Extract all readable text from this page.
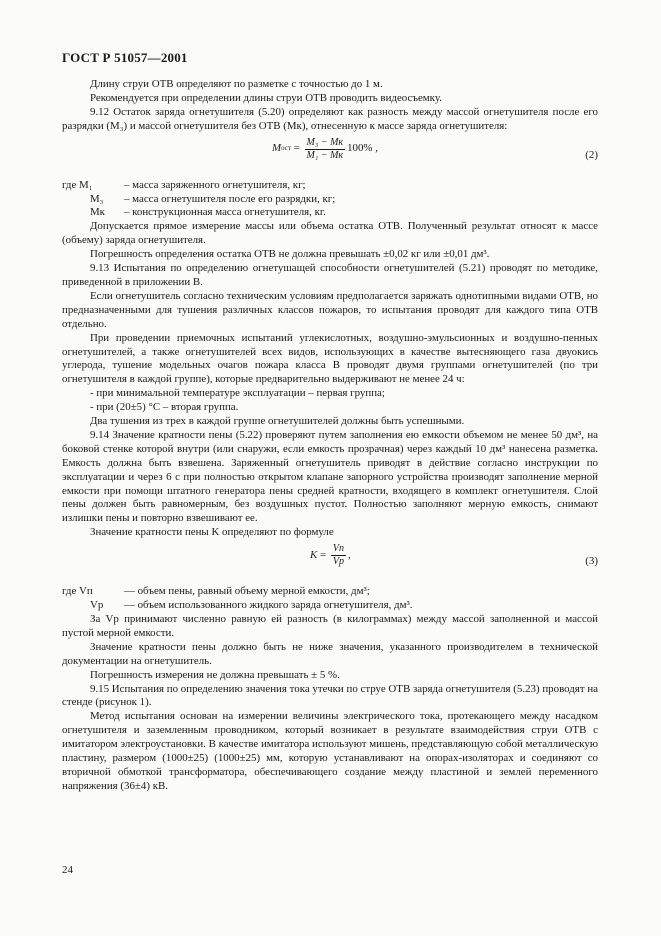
ГОСТ Р 51057—2001

Длину струи ОТВ определяют по разметке с точностью до 1 м.

Рекомендуется при определении длины струи ОТВ проводить видеосъемку.

9.12 Остаток заряда огнетушителя (5.20) определяют как разность между массой огнетушителя после его разрядки (M₃) и массой огнетушителя без ОТВ (Mк), отнесенную к массе заряда огнетушителя:

M ост = $\frac{\text{M₃ − Mк}}{\text{M₁ − Mк}} 100\%$ ,
(2)
где M₁	– масса заряженного огнетушителя, кг;
M₃	– масса огнетушителя после его разрядки, кг;
Mк	– конструкционная масса огнетушителя, кг.

Допускается прямое измерение массы или объема остатка ОТВ. Полученный результат относят к массе (объему) заряда огнетушителя.

Погрешность определения остатка ОТВ не должна превышать ±0,02 кг или ±0,01 дм³.

9.13 Испытания по определению огнетушащей способности огнетушителей (5.21) проводят по методике, приведенной в приложении В.

Если огнетушитель согласно техническим условиям предполагается заряжать однотипными видами ОТВ, но предназначенными для тушения различных классов пожаров, то испытания проводят для каждого типа ОТВ отдельно.

При проведении приемочных испытаний углекислотных, воздушно-эмульсионных и воздушно-пенных огнетушителей, а также огнетушителей всех видов, использующих в качестве вытесняющего газа двуокись углерода, тушение модельных очагов пожара класса В проводят двумя группами огнетушителей (по три огнетушителя в каждой группе), которые предварительно выдерживают не менее 24 ч:

- при минимальной температуре эксплуатации – первая группа;
- при (20±5) °С – вторая группа.

Два тушения из трех в каждой группе огнетушителей должны быть успешными.

9.14 Значение кратности пены (5.22) проверяют путем заполнения ею емкости объемом не менее 50 дм³, на боковой стенке которой внутри (или снаружи, если емкость прозрачная) через каждый 10 дм³ нанесена разметка. Емкость должна быть взвешена. Заряженный огнетушитель приводят в действие согласно инструкции по эксплуатации и через 6 с при полностью открытом клапане запорного устройства производят заполнение мерной емкости при помощи штатного генератора пены средней кратности, входящего в комплект огнетушителя. Слой пены должен быть равномерным, без воздушных пустот. Полностью заполняют мерную емкость, снимают излишки пены и повторно взвешивают ее.

Значение кратности пены K определяют по формуле

$K = \frac{Vп}{Vр}$ ,
(3)
где Vп	— объем пены, равный объему мерной емкости, дм³;
Vр	— объем использованного жидкого заряда огнетушителя, дм³.

За Vр принимают численно равную ей разность (в килограммах) между массой заполненной и массой пустой мерной емкости.

Значение кратности пены должно быть не ниже значения, указанного производителем в технической документации на огнетушитель.

Погрешность измерения не должна превышать ± 5 %.

9.15 Испытания по определению значения тока утечки по струе ОТВ заряда огнетушителя (5.23) проводят на стенде (рисунок 1).

Метод испытания основан на измерении величины электрического тока, протекающего между насадком огнетушителя и заземленным проводником, который возникает в результате взаимодействия струи ОТВ с имитатором электроустановки. В качестве имитатора используют мишень, представляющую собой металлическую пластину, размером (1000±25) (1000±25) мм, которую устанавливают на опорах-изоляторах и соединяют со вторичной обмоткой трансформатора, обеспечивающего создание между пластиной и землей переменного напряжения (36±4) кВ.

24
